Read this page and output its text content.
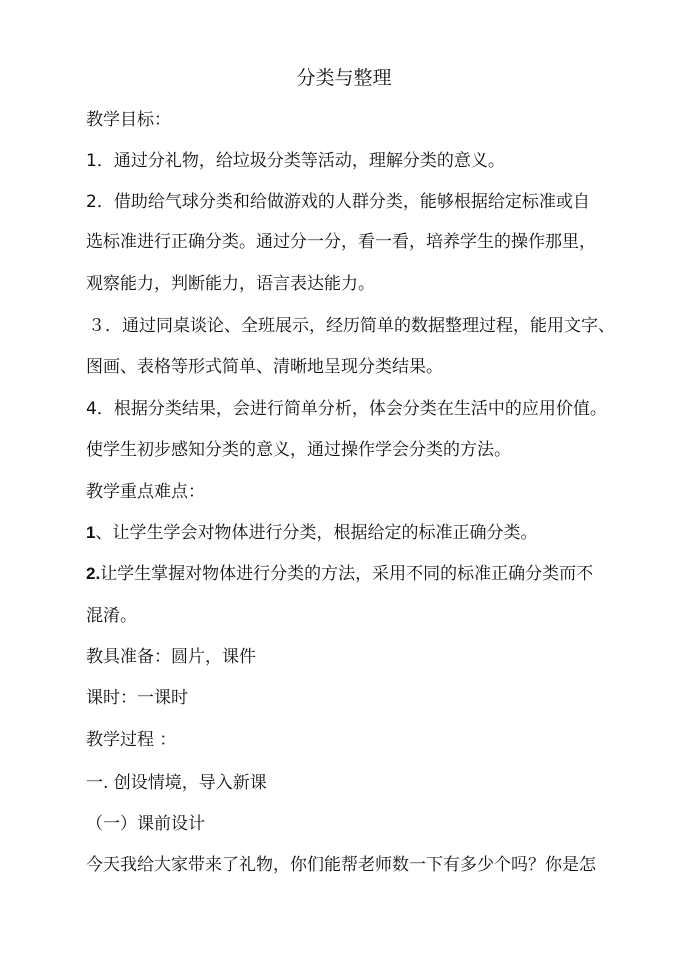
分类与整理
教学目标：
1．通过分礼物，给垃圾分类等活动，理解分类的意义。
2．借助给气球分类和给做游戏的人群分类，能够根据给定标准或自
选标准进行正确分类。通过分一分，看一看，培养学生的操作那里，
观察能力，判断能力，语言表达能力。
３．通过同桌谈论、全班展示，经历简单的数据整理过程，能用文字、
图画、表格等形式简单、清晰地呈现分类结果。
4．根据分类结果，会进行简单分析，体会分类在生活中的应用价值。
使学生初步感知分类的意义，通过操作学会分类的方法。
教学重点难点：
1、让学生学会对物体进行分类，根据给定的标准正确分类。
2.让学生掌握对物体进行分类的方法，采用不同的标准正确分类而不
混淆。
教具准备：圆片，课件
课时：一课时
教学过程 ：
一. 创设情境，导入新课
（一）课前设计
今天我给大家带来了礼物，你们能帮老师数一下有多少个吗？你是怎
